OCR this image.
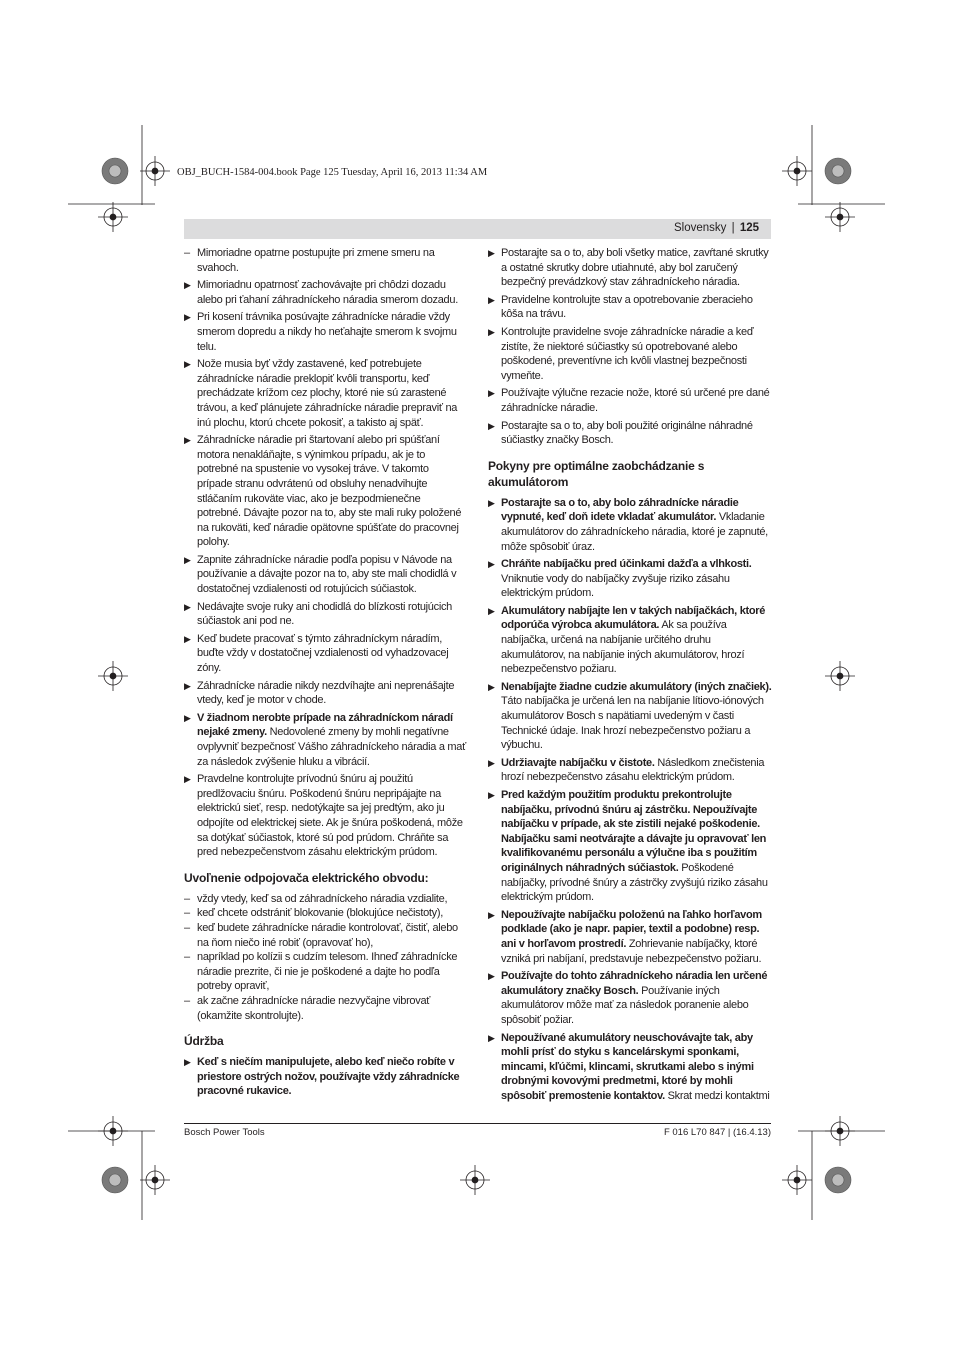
OBJ_BUCH-1584-004.book Page 125 Tuesday, April 16, 2013 11:34 AM
Slovensky | 125
– Mimoriadne opatrne postupujte pri zmene smeru na svahoch.
▶ Mimoriadnu opatrnosť zachovávajte pri chôdzi dozadu alebo pri ťahaní záhradníckeho náradia smerom dozadu.
▶ Pri kosení trávnika posúvajte záhradnícke náradie vždy smerom dopredu a nikdy ho neťahajte smerom k svojmu telu.
▶ Nože musia byť vždy zastavené, keď potrebujete záhradnícke náradie preklopiť kvôli transportu, keď prechádzate krížom cez plochy, ktoré nie sú zarastené trávou, a keď plánujete záhradnícke náradie prepraviť na inú plochu, ktorú chcete pokosiť, a takisto aj späť.
▶ Záhradnícke náradie pri štartovaní alebo pri spúšťaní motora nenakláňajte, s výnimkou prípadu, ak je to potrebné na spustenie vo vysokej tráve. V takomto prípade stranu odvrátenú od obsluhy nenadvihujte stláčaním rukoväte viac, ako je bezpodmienečne potrebné. Dávajte pozor na to, aby ste mali ruky položené na rukoväti, keď náradie opätovne spúšťate do pracovnej polohy.
▶ Zapnite záhradnícke náradie podľa popisu v Návode na používanie a dávajte pozor na to, aby ste mali chodidlá v dostatočnej vzdialenosti od rotujúcich súčiastok.
▶ Nedávajte svoje ruky ani chodidlá do blízkosti rotujúcich súčiastok ani pod ne.
▶ Keď budete pracovať s týmto záhradníckym náradím, buďte vždy v dostatočnej vzdialenosti od vyhadzovacej zóny.
▶ Záhradnícke náradie nikdy nezdvíhajte ani neprenášajte vtedy, keď je motor v chode.
▶ V žiadnom nerobte prípade na záhradníckom náradí nejaké zmeny. Nedovolené zmeny by mohli negatívne ovplyvniť bezpečnosť Vášho záhradníckeho náradia a mať za následok zvýšenie hluku a vibrácií.
▶ Pravdelne kontrolujte prívodnú šnúru aj použitú predlžovaciu šnúru. Poškodenú šnúru nepripájajte na elektrickú sieť, resp. nedotýkajte sa jej predtým, ako ju odpojíte od elektrickej siete. Ak je šnúra poškodená, môže sa dotýkať súčiastok, ktoré sú pod prúdom. Chráňte sa pred nebezpečenstvom zásahu elektrickým prúdom.
Uvoľnenie odpojovača elektrického obvodu:
– vždy vtedy, keď sa od záhradníckeho náradia vzdialite,
– keď chcete odstrániť blokovanie (blokujúce nečistoty),
– keď budete záhradnícke náradie kontrolovať, čistiť, alebo na ňom niečo iné robiť (opravovať ho),
– napríklad po kolízii s cudzím telesom. Ihneď záhradnícke náradie prezrite, či nie je poškodené a dajte ho podľa potreby opraviť,
– ak začne záhradnícke náradie nezvyčajne vibrovať (okamžite skontrolujte).
Údržba
▶ Keď s niečím manipulujete, alebo keď niečo robíte v priestore ostrých nožov, používajte vždy záhradnícke pracovné rukavice.
▶ Postarajte sa o to, aby boli všetky matice, zavŕtané skrutky a ostatné skrutky dobre utiahnuté, aby bol zaručený bezpečný prevádzkový stav záhradníckeho náradia.
▶ Pravidelne kontrolujte stav a opotrebovanie zberacieho kôša na trávu.
▶ Kontrolujte pravidelne svoje záhradnícke náradie a keď zistíte, že niektoré súčiastky sú opotrebované alebo poškodené, preventívne ich kvôli vlastnej bezpečnosti vymeňte.
▶ Používajte výlučne rezacie nože, ktoré sú určené pre dané záhradnícke náradie.
▶ Postarajte sa o to, aby boli použité originálne náhradné súčiastky značky Bosch.
Pokyny pre optimálne zaobchádzanie s akumulátorom
▶ Postarajte sa o to, aby bolo záhradnícke náradie vypnuté, keď doň idete vkladať akumulátor. Vkladanie akumulátorov do záhradníckeho náradia, ktoré je zapnuté, môže spôsobiť úraz.
▶ Chráňte nabíjačku pred účinkami dažďa a vlhkosti. Vniknutie vody do nabíjačky zvyšuje riziko zásahu elektrickým prúdom.
▶ Akumulátory nabíjajte len v takých nabíjačkách, ktoré odporúča výrobca akumulátora. Ak sa používa nabíjačka, určená na nabíjanie určitého druhu akumulátorov, na nabíjanie iných akumulátorov, hrozí nebezpečenstvo požiaru.
▶ Nenabíjajte žiadne cudzie akumulátory (iných značiek). Táto nabíjačka je určená len na nabíjanie lítiovo-iónových akumulátorov Bosch s napätiami uvedeným v časti Technické údaje. Inak hrozí nebezpečenstvo požiaru a výbuchu.
▶ Udržiavajte nabíjačku v čistote. Následkom znečistenia hrozí nebezpečenstvo zásahu elektrickým prúdom.
▶ Pred každým použitím produktu prekontrolujte nabíjačku, prívodnú šnúru aj zástrčku. Nepoužívajte nabíjačku v prípade, ak ste zistili nejaké poškodenie. Nabíjačku sami neotvárajte a dávajte ju opravovať len kvalifikovanému personálu a výlučne iba s použitím originálnych náhradných súčiastok. Poškodené nabíjačky, prívodné šnúry a zástrčky zvyšujú riziko zásahu elektrickým prúdom.
▶ Nepoužívajte nabíjačku položenú na ľahko horľavom podklade (ako je napr. papier, textil a podobne) resp. ani v horľavom prostredí. Zohrievanie nabíjačky, ktoré vzniká pri nabíjaní, predstavuje nebezpečenstvo požiaru.
▶ Používajte do tohto záhradníckeho náradia len určené akumulátory značky Bosch. Používanie iných akumulátorov môže mať za následok poranenie alebo spôsobiť požiar.
▶ Nepoužívané akumulátory neuschovávajte tak, aby mohli prísť do styku s kancelárskymi sponkami, mincami, kľúčmi, klincami, skrutkami alebo s inými drobnými kovovými predmetmi, ktoré by mohli spôsobiť premostenie kontaktov. Skrat medzi kontaktmi
Bosch Power Tools	F 016 L70 847 | (16.4.13)
